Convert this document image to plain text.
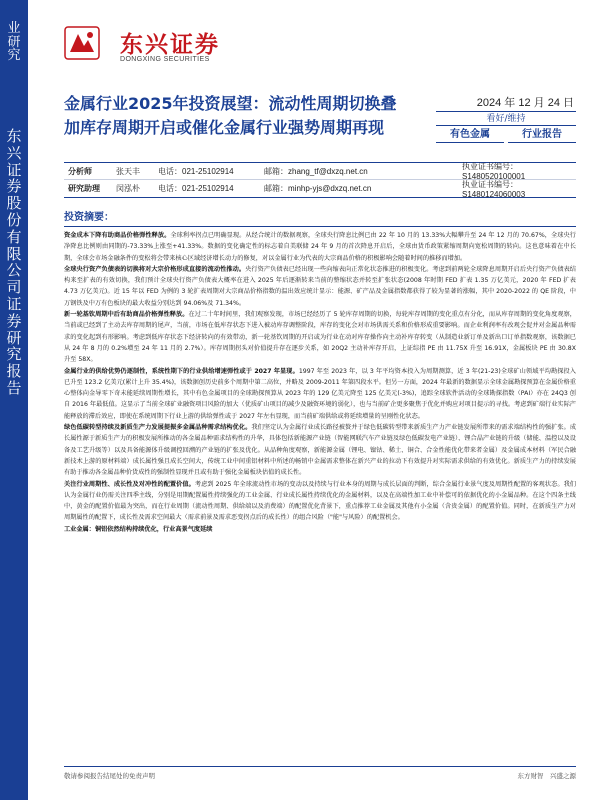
业
研
究
东
兴
证
券
股
份
有
限
公
司
证
券
研
究
报
告
东兴证券
DONGXING SECURITIES
金属行业2025年投资展望：流动性周期切换叠加库存周期开启或催化金属行业强势周期再现
2024 年 12 月 24 日
看好/维持
有色金属	行业报告
分析师	张天丰	电话：021-25102914	邮箱：zhang_tf@dxzq.net.cn	执业证书编号：S1480520100001
研究助理	闵泓朴	电话：021-25102914	邮箱：minhp-yjs@dxzq.net.cn	执业证书编号：S1480124060003
投资摘要：

资金成本下降有助商品价格弹性释放。全球利率拐点已明确显现。从经合统计的数据观察，全球央行降息比例已由 22 年 10 月的 13.33%大幅攀升至 24 年 12 月的 70.67%，全球央行净降息比例则由同期的-73.33%上涨至+41.33%。数据的变化确定性的标志着自美联储 24 年 9 月的首次降息开启后，全球由货币政策紧缩周期向宽松周期的转向。这也意味着在中长期，全球会市场金融条件的变松将会带来核心区域经济增长动力的修复，对以金属行业为代表的大宗商品价格的积极影响会随着时间的推移而增加。

全球央行资产负债表的切换将对大宗价格形成直接的流动性推动。央行资产负债表已经出现一些向缩表向正常化状态推进的积极变化。考虑到前两轮全球降息周期开启后央行资产负债表结构来至扩表的有效切换，我们预计全球央行资产负债表大概率在进入 2025 年后逐渐转来当前的整缩状态并转至扩张状态(2008 年时期 FED 扩表 1.35 万亿美元，2020 年 FED 扩表 4.73 万亿美元)。近 15 年以 FED 为例的 3 轮扩表周期对大宗商品价格指数的温出效应统计显示：能源、矿产品及金属指数都获得了较为显著的涨幅，其中 2020-2022 的 QE 阶段，中万钢铁及中万有色板块的最大收益分别达到 94.06%及 71.34%。

新一轮基钦周期中后有助商品价格弹性释放。在过二十年时间里，我们观察发现，市场已经经历了 5 轮库存周期的切换，每轮库存周期的变化重点有分化，而从库存周期的变化角度观察，当前或已经到了主动去库存周期的尾声，当前，市场在低库存状态下进入被动库存调整阶段，库存的变化会对市场供需关系和价格形成重要影响。而企业利润率有改观会促并对金属品种需求的变化起到有形影响。考虑到低库存状态下经济转向的有效带动，新一轮基钦周期的开启或为行业在动对库存操作向主动补库存转变（从制造业新订单及新出口订单指数观察，该数据已从 24 年 8 月的 0.2%增至 24 年 11 月的 2.7%）。库存周期拐头对价值提升存在逐步关系，如 20Q2 主动补库存开启，上证综指 PE 由 11.75X 升至 16.91X，金属板块 PE 由 30.8X 升至 58X。

金属行业的供给优势仍逐制性，系统性期下的行业供给增速弹性或于 2027 年显现。1997 年至 2023 年，以 3 年平均资本投入为周期测算，近 3 年(21-23)全球矿山领域平均勘探投入已升至 123.2 亿美元(累计上升 35.4%)，该数据创历史前多个周期中第二高位，并略及 2009-2011 年第四段水平。但另一方面，2024 年最新的数据显示全球金属勘探预算在金属价格重心整体向金导零下奇未能延续周期性增长，其中有色金属项目的全球勘探预算从 2023 年的 129 亿美元降至 125 亿美元(-3%)，追踪全球软件活动的全球勘探指数（PAI）亦在 24Q3 创自 2016 年最低值。这显示了当前全球矿业融资项目风险的加大（优质矿山项目的减少及融资环境的弱化），也与当前矿企更多聚焦于优化并购应对项目提示的寻找。考虑到矿端行业实际产能释放的滞后效应，即使在系统周期下行业上游的供给弹性或于 2027 年左右显现，而当前矿端供给或将延续增量的呈刚性化状态。

绿色低碳转型持续及新质生产力发展提振多金属品种需求结构优化。我们坚定认为金属行业成长路径被赘并于绿色低碳转型带来新质生产力产业链发展所带来的需求端结构性的强扩张。成长属性源于新质生产力的积极发展所推动的各金属品种需求结构性的升华，具体包括新能源产业链（智能网联汽车产业链及绿色低碳发电产业链）、锂合晶产业链的升级（储能、温控以及设备及工艺升级等）以及具备能源体升级调控回溯的产业链的扩张及优化。从品种角度观察，新能源金属（锂电、镍钴、稀土、铜合、合金性能优化带来者金属）及金属成本材料（军民合融新技术上游的原材料端）成长属性强且成长空间大，传统工业中间重铝材料中所述的畅销中金属需求整体在新兴产业的拉动下有效提升对实际需求供给的有效优化。新质生产力的持续发展有助于推动各金属品种价货成性的强制性显现并且或有助于强化金属板块估值的成长性。

关注行业周期性、成长性及对冲性的配置价值。考虑到 2025 年全球流动性市场的变动以及持续与行业本身的周期与成长层面的判断，综合金属行业景气度及周期性配置的客观状态。我们认为金属行业仍需关注四季主线，分别是用期配置属性持续强化的工业金属、行业成长属性持续优化的金属材料，以及在高端性加工业中补偿可的依据优化的小金属品种。在这个四条主线中，黄金的配置价值最为突出，而在行业周期（流动性周期、供给端以及消费端）的配置优化背景下，重点推荐工业金属及其他有小金属（含贵金属）的配置价值。同时，在新质生产力对周期属性的配置下，成长性及需求空间最大（需求前景及需求恶变拐点后的成长性）的组合风险（"能"与风险）的配置机会。

工业金属：铜铝依然结构持续优化，行业高景气度延续

敬请参阅报告结尾处的免责声明	东方财智　兴盛之源
